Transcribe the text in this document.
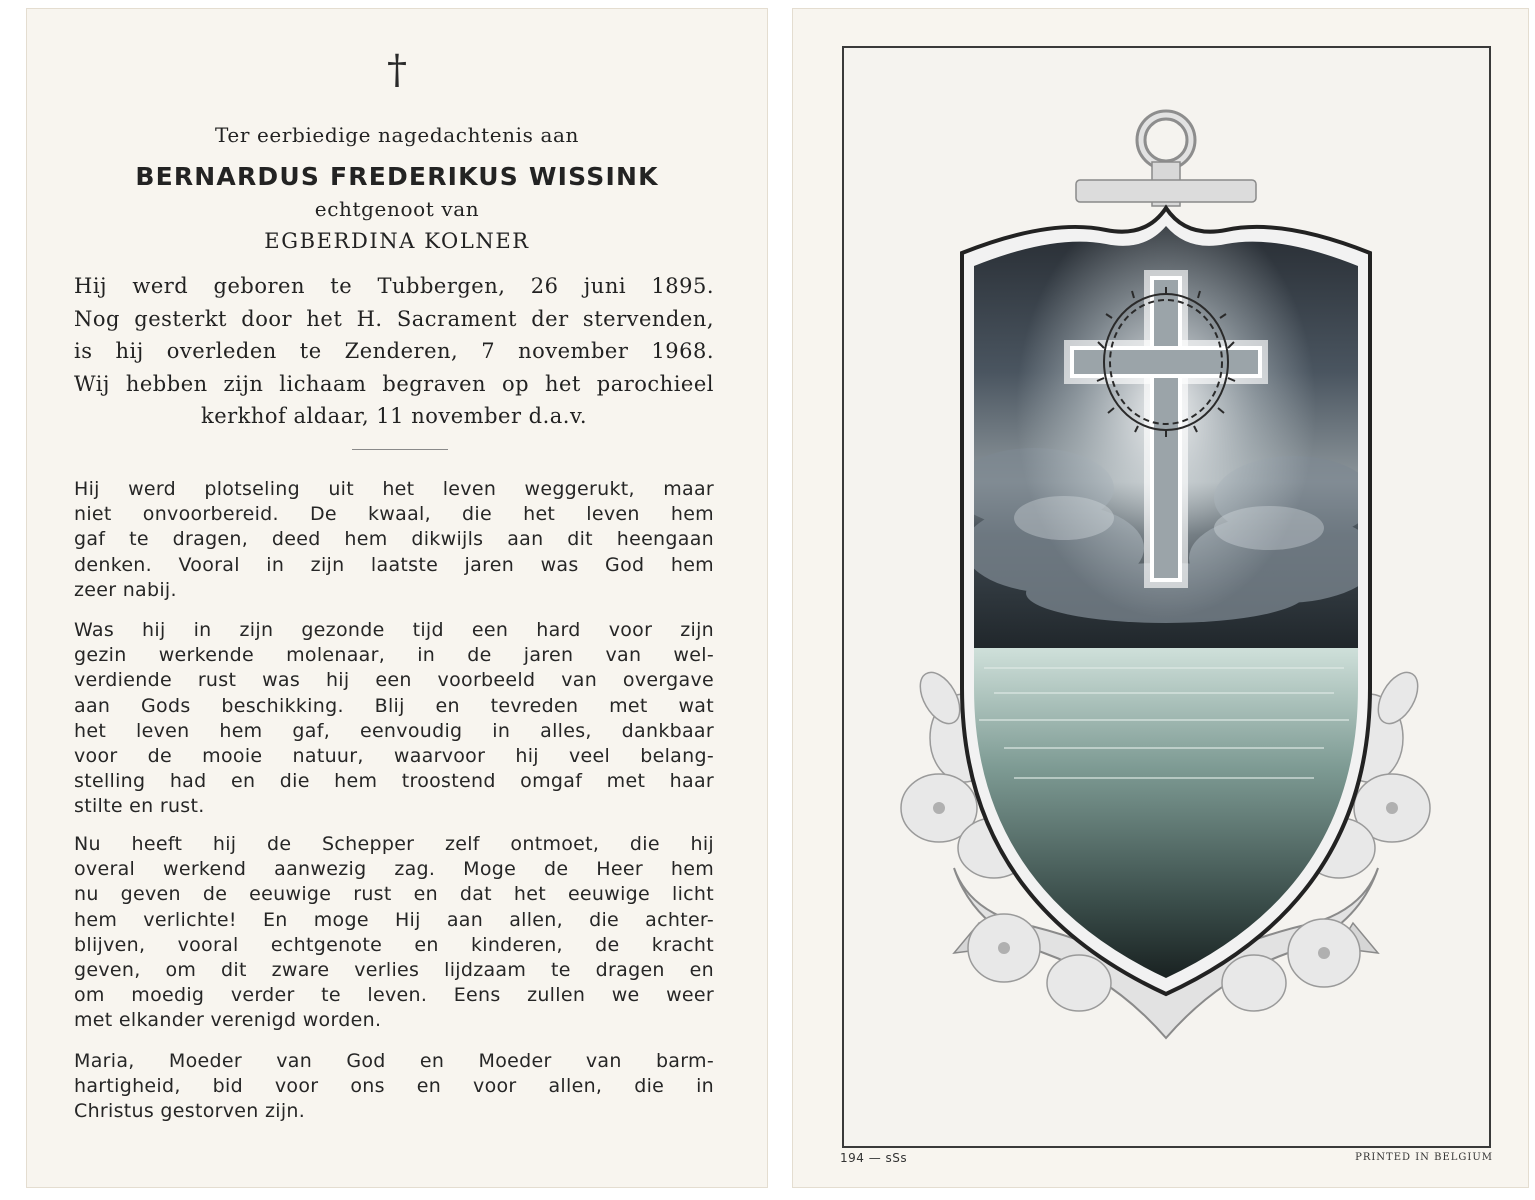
†
Ter eerbiedige nagedachtenis aan
BERNARDUS FREDERIKUS WISSINK
echtgenoot van
EGBERDINA KOLNER
Hij werd geboren te Tubbergen, 26 juni 1895.
Nog gesterkt door het H. Sacrament der stervenden,
is hij overleden te Zenderen, 7 november 1968.
Wij hebben zijn lichaam begraven op het parochieel
kerkhof aldaar, 11 november d.a.v.
Hij werd plotseling uit het leven weggerukt, maar
niet onvoorbereid. De kwaal, die het leven hem
gaf te dragen, deed hem dikwijls aan dit heengaan
denken. Vooral in zijn laatste jaren was God hem
zeer nabij.
Was hij in zijn gezonde tijd een hard voor zijn
gezin werkende molenaar, in de jaren van wel-
verdiende rust was hij een voorbeeld van overgave
aan Gods beschikking. Blij en tevreden met wat
het leven hem gaf, eenvoudig in alles, dankbaar
voor de mooie natuur, waarvoor hij veel belang-
stelling had en die hem troostend omgaf met haar
stilte en rust.
Nu heeft hij de Schepper zelf ontmoet, die hij
overal werkend aanwezig zag. Moge de Heer hem
nu geven de eeuwige rust en dat het eeuwige licht
hem verlichte! En moge Hij aan allen, die achter-
blijven, vooral echtgenote en kinderen, de kracht
geven, om dit zware verlies lijdzaam te dragen en
om moedig verder te leven. Eens zullen we weer
met elkander verenigd worden.
Maria, Moeder van God en Moeder van barm-
hartigheid, bid voor ons en voor allen, die in
Christus gestorven zijn.
194 — sSs	PRINTED IN BELGIUM
